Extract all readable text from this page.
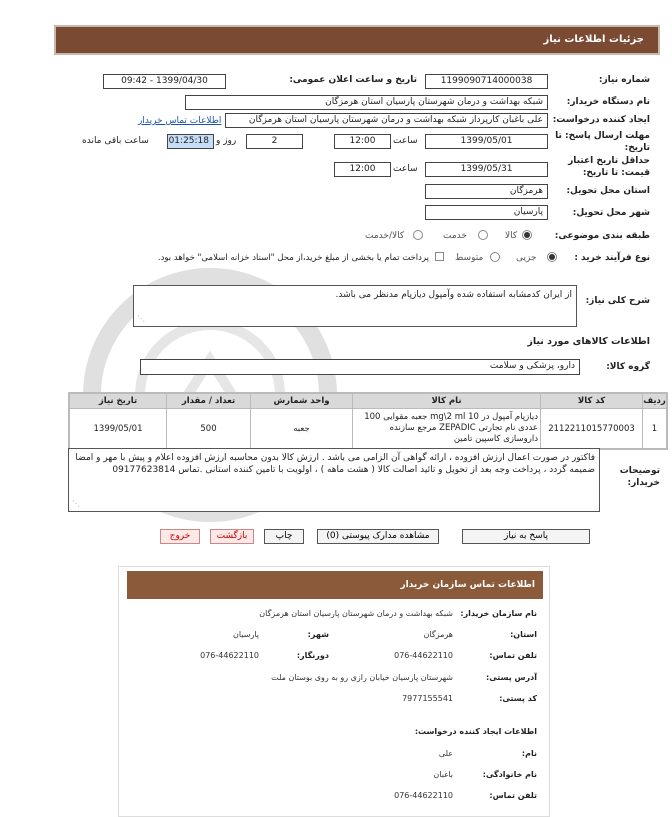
جزئیات اطلاعات نیاز
شماره نیاز:
1199090714000038
تاریخ و ساعت اعلان عمومی:
1399/04/30 - 09:42
نام دستگاه خریدار:
شبکه بهداشت و درمان شهرستان پارسیان استان هرمزگان
ایجاد کننده درخواست:
علی باغبان کارپرداز شبکه بهداشت و درمان شهرستان پارسیان استان هرمزگان
اطلاعات تماس خریدار
مهلت ارسال پاسخ: تا تاریخ:
1399/05/01
ساعت
12:00
2
روز و
01:25:18
ساعت باقی مانده
حداقل تاریخ اعتبار قیمت: تا تاریخ:
1399/05/31
ساعت
12:00
استان محل تحویل:
هرمزگان
شهر محل تحویل:
پارسیان
طبقه بندی موضوعی:
کالا
خدمت
کالا/خدمت
نوع فرآیند خرید :
جزیی
متوسط
پرداخت تمام یا بخشی از مبلغ خرید،از محل "اسناد خزانه اسلامی" خواهد بود.
شرح کلی نیاز:
از ایران کدمشابه استفاده شده وآمپول دیازپام مدنظر می باشد.
⋰
اطلاعات کالاهای مورد نیاز
گروه کالا:
دارو، پزشکی و سلامت
ردیف	کد کالا	نام کالا	واحد شمارش	تعداد / مقدار	تاریخ نیاز
1	2112211015770003	دیازپام آمپول در mg\2 ml 10 جعبه مقوایی 100 عددی نام تجارتی ZEPADIC مرجع سازنده داروسازی کاسپین تامین	جعبه	500	1399/05/01
توضیحات خریدار:
فاکتور در صورت اعمال ارزش افزوده ، ارائه گواهی آن الزامی می باشد . ارزش کالا بدون محاسبه ارزش افزوده اعلام و پیش با مهر و امضا ضمیمه گردد ، پرداخت وجه بعد از تحویل و تائید اصالت کالا ( هشت ماهه ) ، اولویت با تامین کننده استانی .تماس 09177623814
⋰
پاسخ به نیاز
مشاهده مدارک پیوستی (0)
چاپ
بازگشت
خروج
اطلاعات تماس سازمان خریدار
نام سازمان خریدار:
شبکه بهداشت و درمان شهرستان پارسیان استان هرمزگان
استان:
هرمزگان
شهر:
پارسیان
تلفن تماس:
076-44622110
دورنگار:
076-44622110
آدرس پستی:
شهرستان پارسیان خیابان رازی رو به روی بوستان ملت
کد پستی:
7977155541
اطلاعات ایجاد کننده درخواست:
نام:
علی
نام خانوادگی:
باغبان
تلفن تماس:
076-44622110
